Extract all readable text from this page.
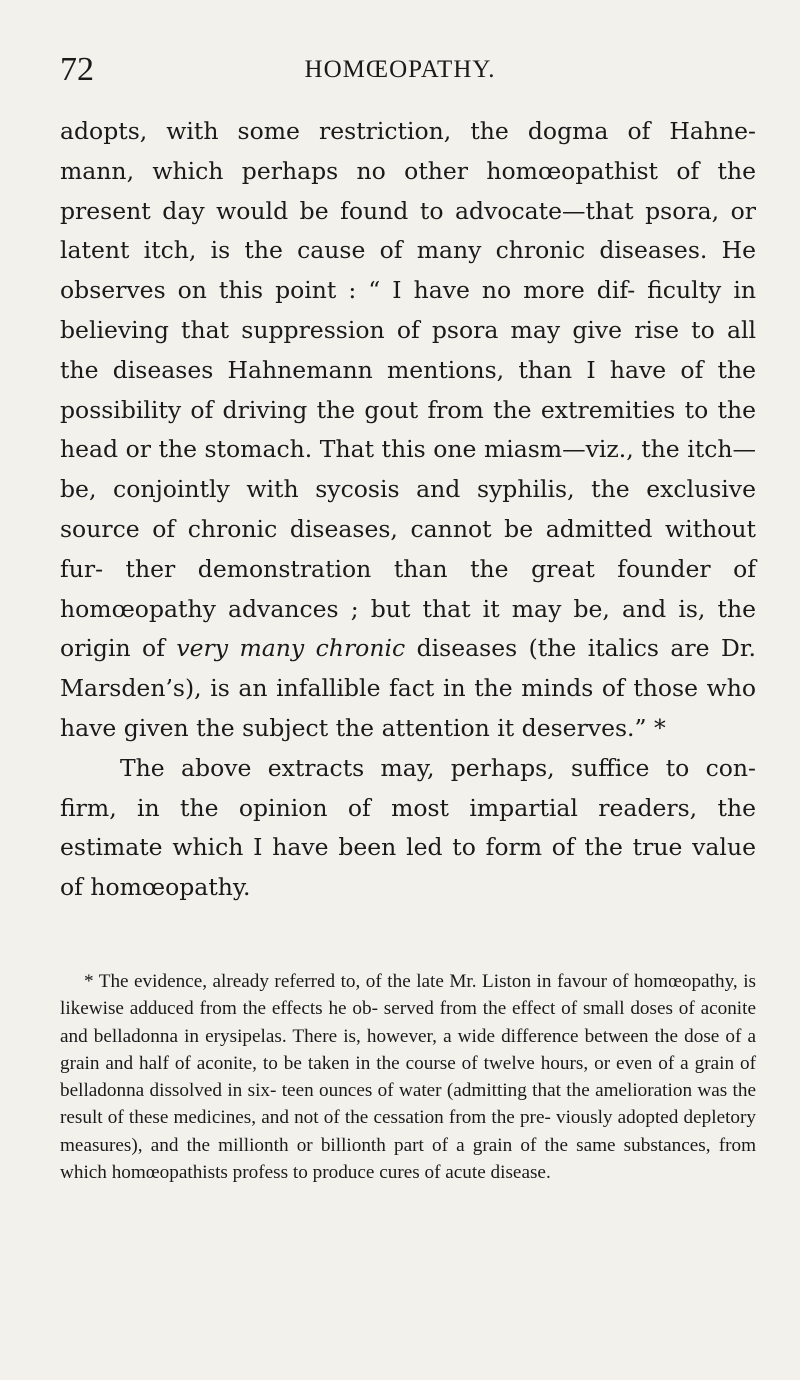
72	HOMŒOPATHY.

adopts, with some restriction, the dogma of Hahne- mann, which perhaps no other homœopathist of the present day would be found to advocate—that psora, or latent itch, is the cause of many chronic diseases. He observes on this point : “ I have no more dif- ficulty in believing that suppression of psora may give rise to all the diseases Hahnemann mentions, than I have of the possibility of driving the gout from the extremities to the head or the stomach. That this one miasm—viz., the itch—be, conjointly with sycosis and syphilis, the exclusive source of chronic diseases, cannot be admitted without fur- ther demonstration than the great founder of homœopathy advances ; but that it may be, and is, the origin of very many chronic diseases (the italics are Dr. Marsden’s), is an infallible fact in the minds of those who have given the subject the attention it deserves.” *

The above extracts may, perhaps, suffice to con- firm, in the opinion of most impartial readers, the estimate which I have been led to form of the true value of homœopathy.

* The evidence, already referred to, of the late Mr. Liston in favour of homœopathy, is likewise adduced from the effects he ob- served from the effect of small doses of aconite and belladonna in erysipelas. There is, however, a wide difference between the dose of a grain and half of aconite, to be taken in the course of twelve hours, or even of a grain of belladonna dissolved in six- teen ounces of water (admitting that the amelioration was the result of these medicines, and not of the cessation from the pre- viously adopted depletory measures), and the millionth or billionth part of a grain of the same substances, from which homœopathists profess to produce cures of acute disease.
